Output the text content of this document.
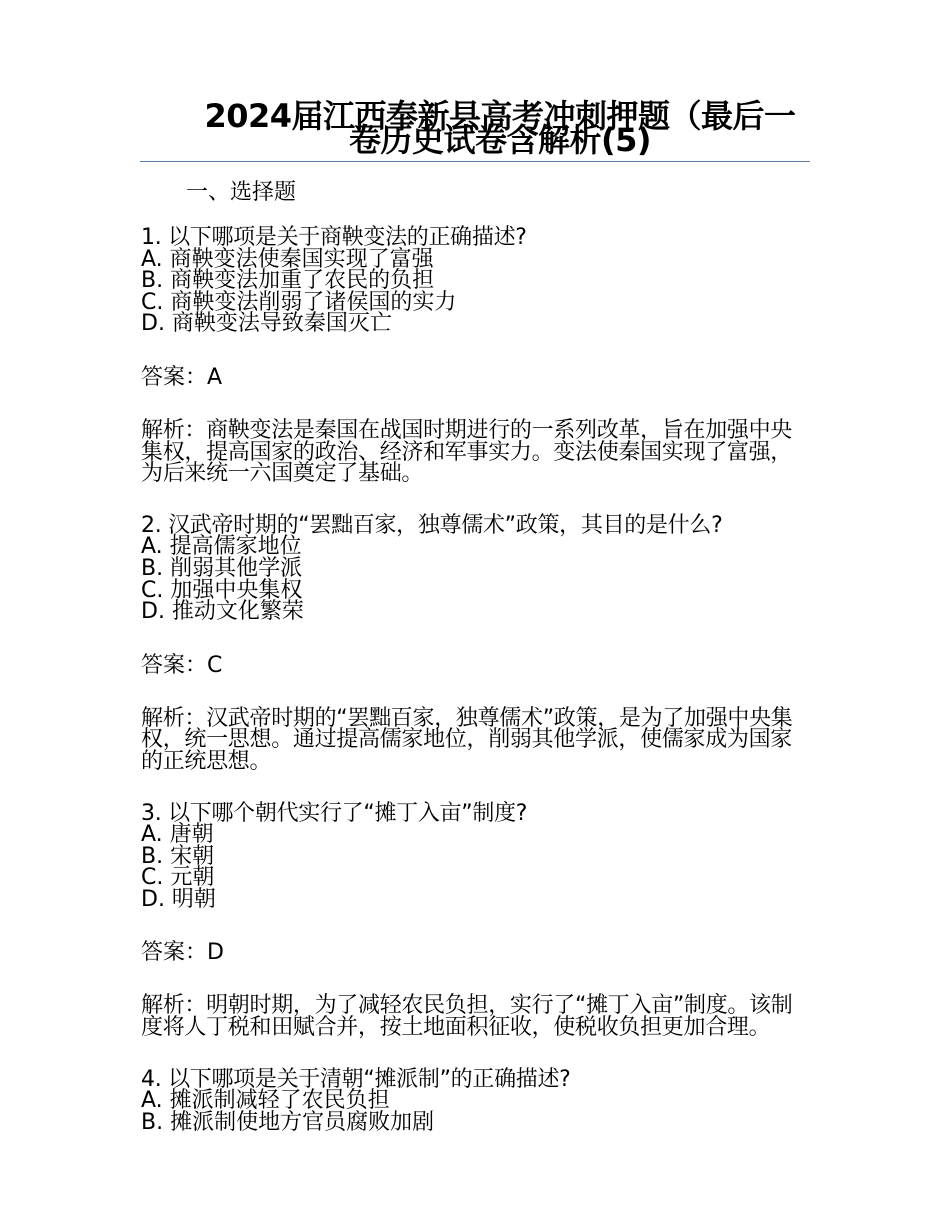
2024届江西奉新县高考冲刺押题（最后一卷历史试卷含解析(5)
一、选择题
1. 以下哪项是关于商鞅变法的正确描述?
A. 商鞅变法使秦国实现了富强
B. 商鞅变法加重了农民的负担
C. 商鞅变法削弱了诸侯国的实力
D. 商鞅变法导致秦国灭亡
答案：A
解析：商鞅变法是秦国在战国时期进行的一系列改革，旨在加强中央集权，提高国家的政治、经济和军事实力。变法使秦国实现了富强，为后来统一六国奠定了基础。
2. 汉武帝时期的“罢黜百家，独尊儒术”政策，其目的是什么?
A. 提高儒家地位
B. 削弱其他学派
C. 加强中央集权
D. 推动文化繁荣
答案：C
解析：汉武帝时期的“罢黜百家，独尊儒术”政策，是为了加强中央集权，统一思想。通过提高儒家地位，削弱其他学派，使儒家成为国家的正统思想。
3. 以下哪个朝代实行了“摊丁入亩”制度?
A. 唐朝
B. 宋朝
C. 元朝
D. 明朝
答案：D
解析：明朝时期，为了减轻农民负担，实行了“摊丁入亩”制度。该制度将人丁税和田赋合并，按土地面积征收，使税收负担更加合理。
4. 以下哪项是关于清朝“摊派制”的正确描述?
A. 摊派制减轻了农民负担
B. 摊派制使地方官员腐败加剧
